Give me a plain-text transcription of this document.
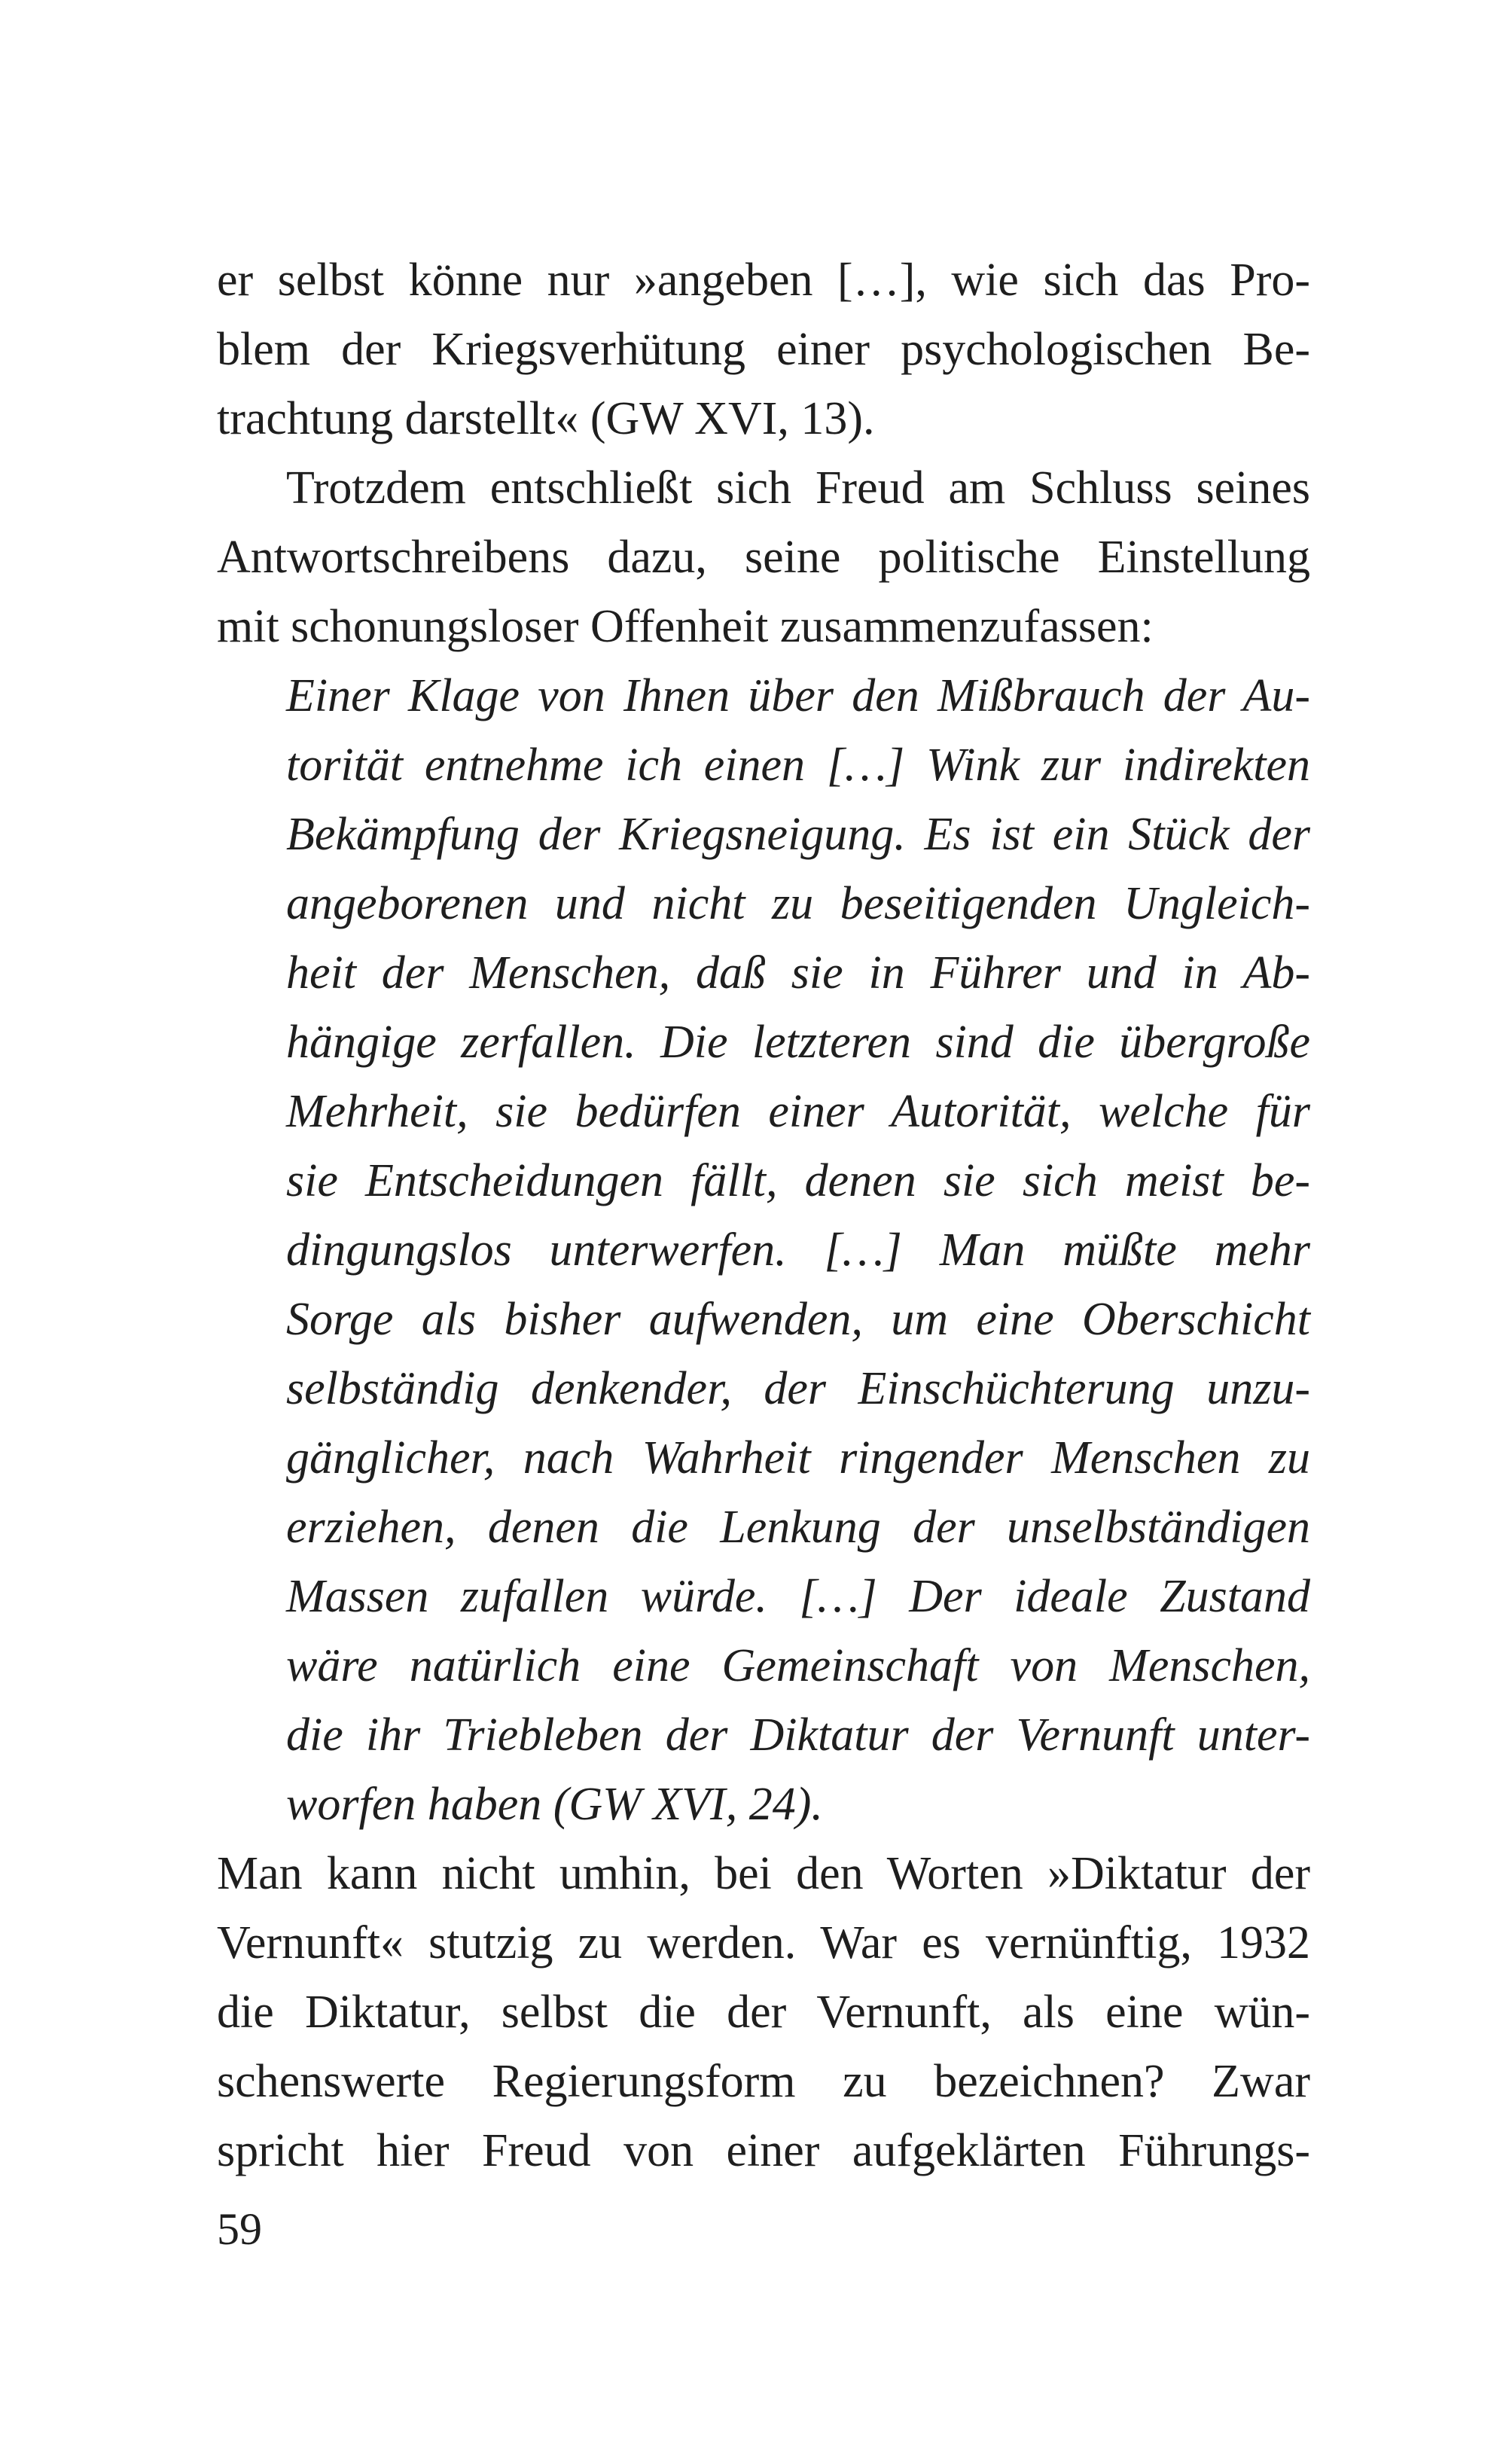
er selbst könne nur »angeben […], wie sich das Pro-
blem der Kriegsverhütung einer psychologischen Be-
trachtung darstellt« (GW XVI, 13).
Trotzdem entschließt sich Freud am Schluss seines
Antwortschreibens dazu, seine politische Einstellung
mit schonungsloser Offenheit zusammenzufassen:
Einer Klage von Ihnen über den Mißbrauch der Au-
torität entnehme ich einen […] Wink zur indirekten
Bekämpfung der Kriegsneigung. Es ist ein Stück der
angeborenen und nicht zu beseitigenden Ungleich-
heit der Menschen, daß sie in Führer und in Ab-
hängige zerfallen. Die letzteren sind die übergroße
Mehrheit, sie bedürfen einer Autorität, welche für
sie Entscheidungen fällt, denen sie sich meist be-
dingungslos unterwerfen. […] Man müßte mehr
Sorge als bisher aufwenden, um eine Oberschicht
selbständig denkender, der Einschüchterung unzu-
gänglicher, nach Wahrheit ringender Menschen zu
erziehen, denen die Lenkung der unselbständigen
Massen zufallen würde. […] Der ideale Zustand
wäre natürlich eine Gemeinschaft von Menschen,
die ihr Triebleben der Diktatur der Vernunft unter-
worfen haben (GW XVI, 24).
Man kann nicht umhin, bei den Worten »Diktatur der
Vernunft« stutzig zu werden. War es vernünftig, 1932
die Diktatur, selbst die der Vernunft, als eine wün-
schenswerte Regierungsform zu bezeichnen? Zwar
spricht hier Freud von einer aufgeklärten Führungs-
59
